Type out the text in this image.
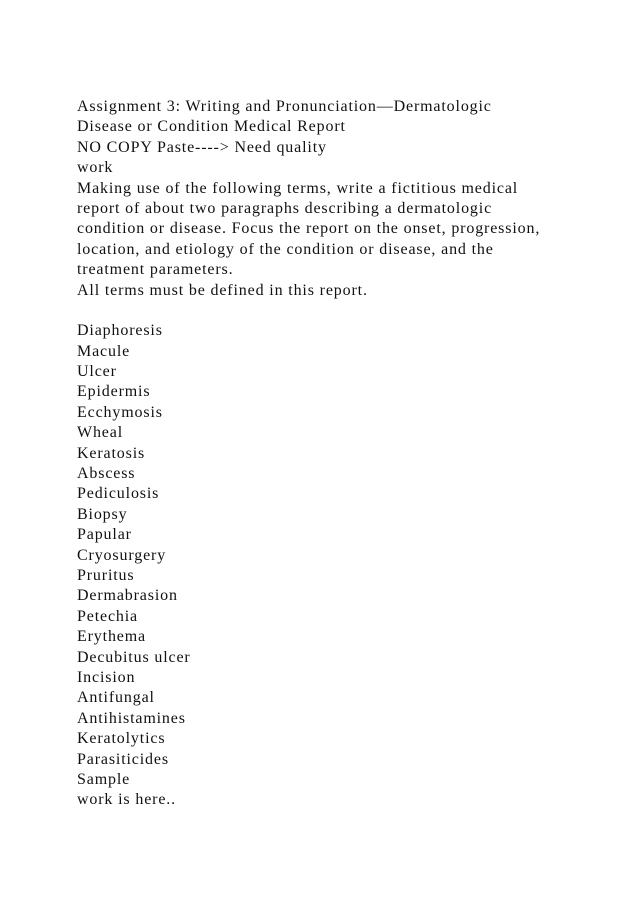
Assignment 3: Writing and Pronunciation—Dermatologic
Disease or Condition Medical Report
NO COPY Paste----> Need quality
work
Making use of the following terms, write a fictitious medical
report of about two paragraphs describing a dermatologic
condition or disease. Focus the report on the onset, progression,
location, and etiology of the condition or disease, and the
treatment parameters.
All terms must be defined in this report.
Diaphoresis
Macule
Ulcer
Epidermis
Ecchymosis
Wheal
Keratosis
Abscess
Pediculosis
Biopsy
Papular
Cryosurgery
Pruritus
Dermabrasion
Petechia
Erythema
Decubitus ulcer
Incision
Antifungal
Antihistamines
Keratolytics
Parasiticides
Sample
work is here..
